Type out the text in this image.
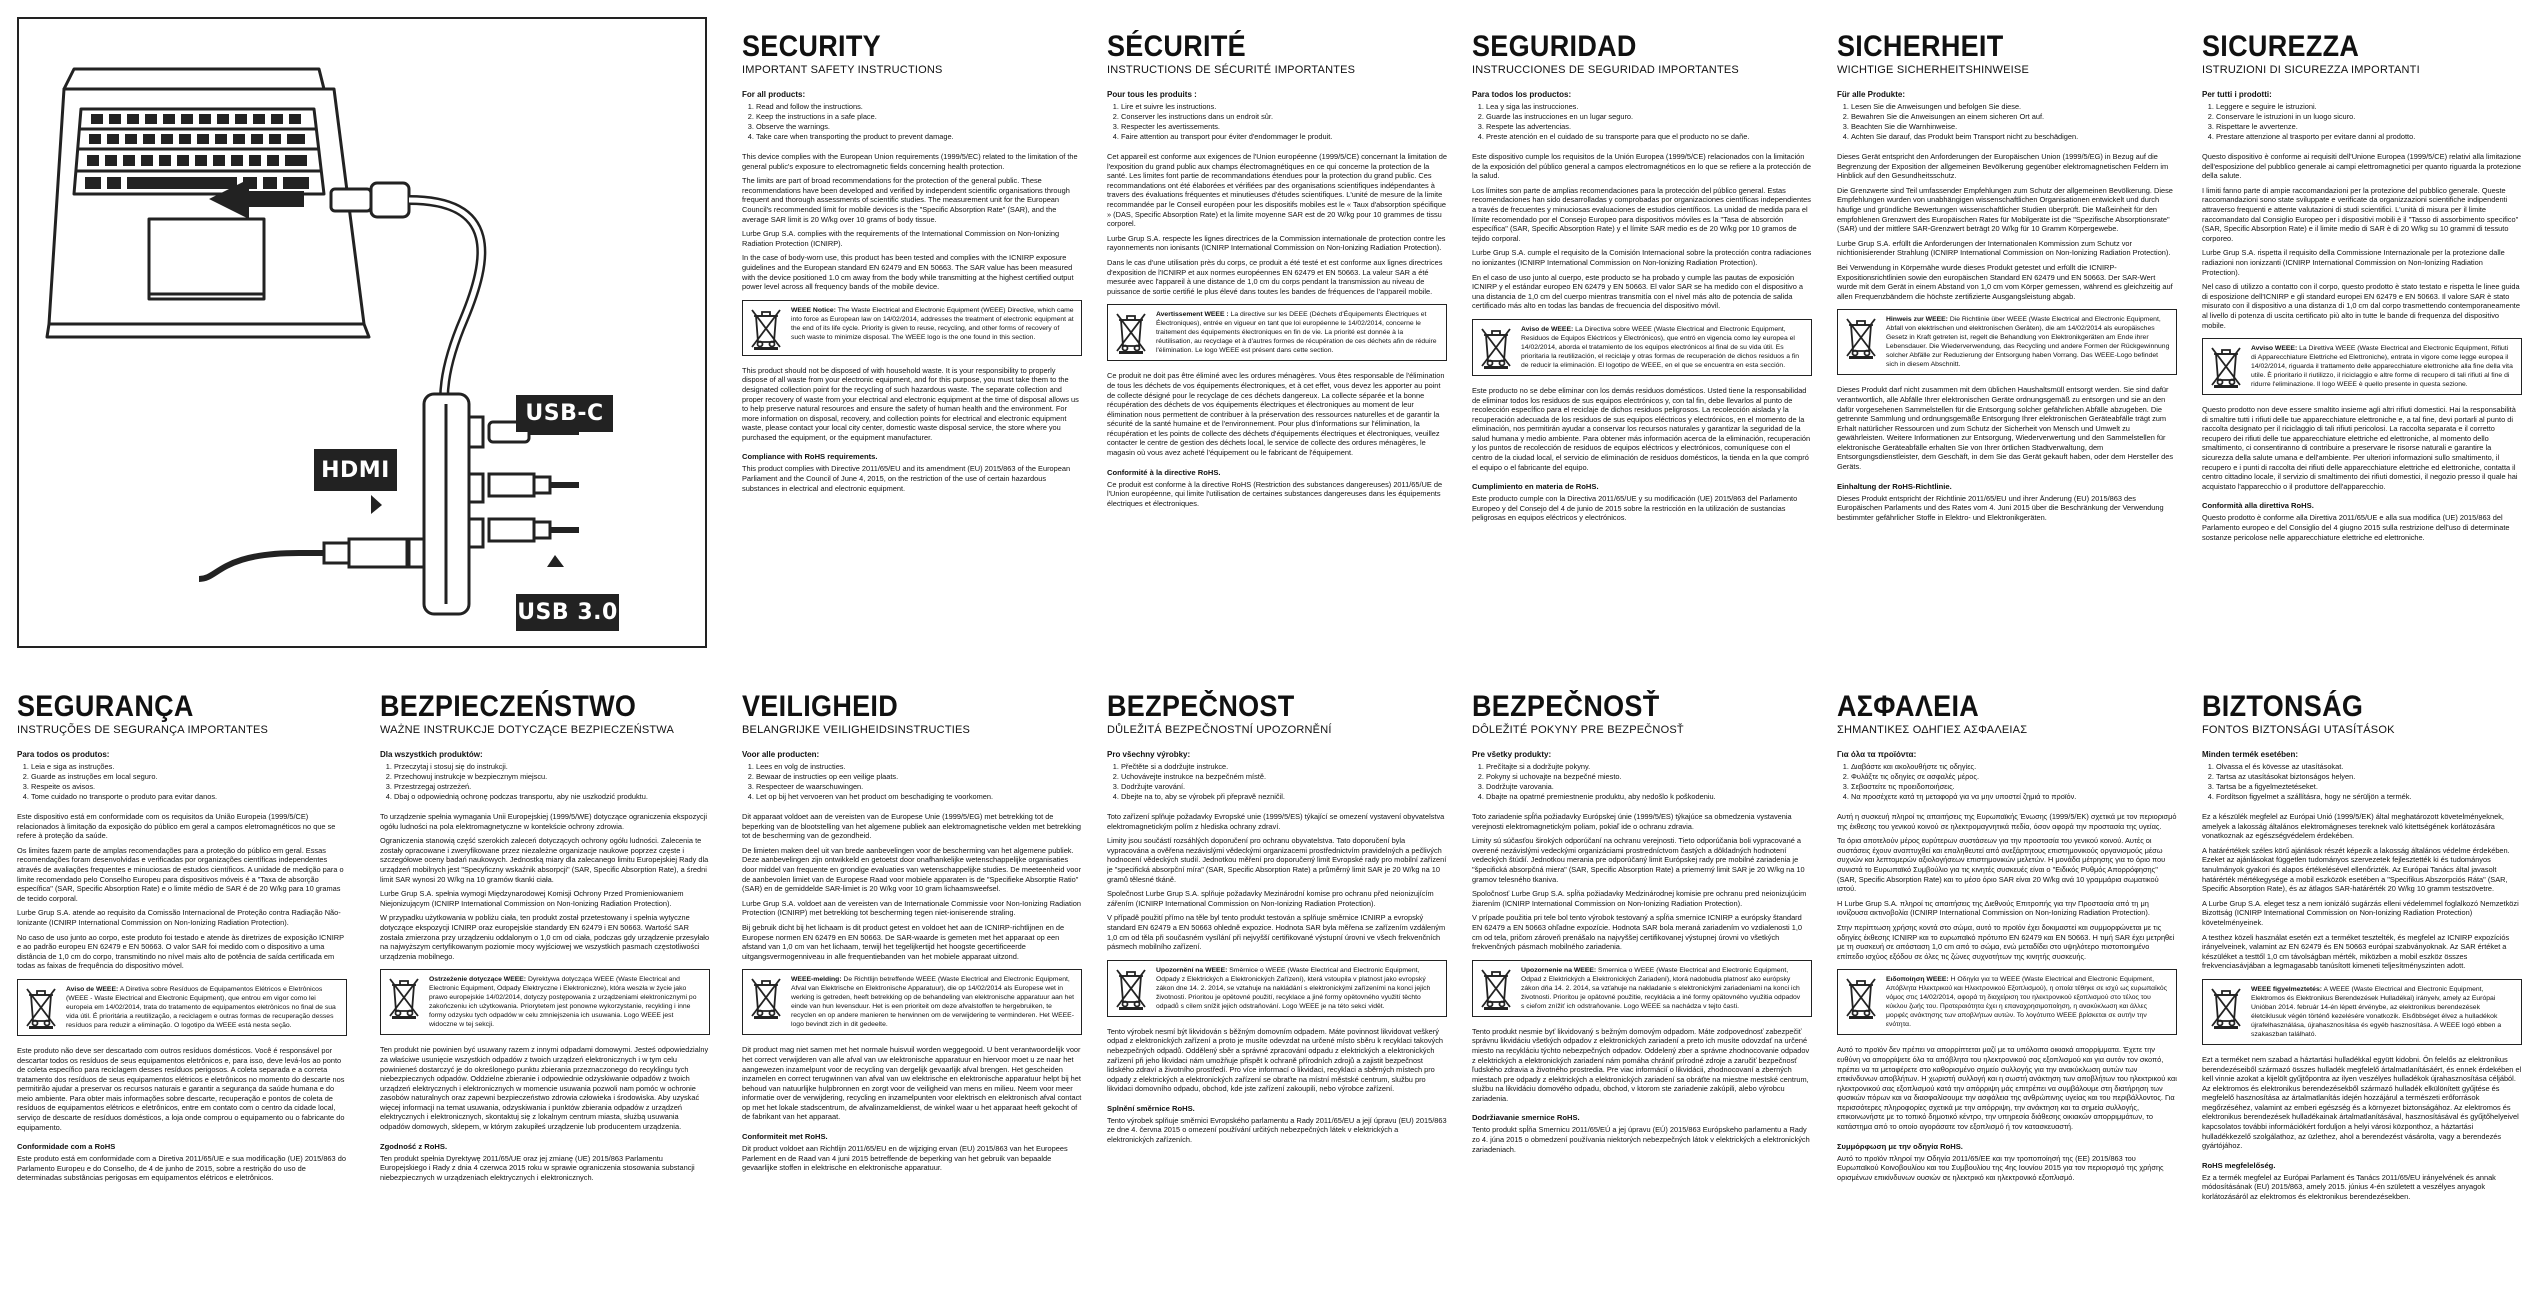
USB-C
HDMI
USB 3.0
SECURITY
IMPORTANT SAFETY INSTRUCTIONS
For all products:
1. Read and follow the instructions.
2. Keep the instructions in a safe place.
3. Observe the warnings.
4. Take care when transporting the product to prevent damage.

This device complies with the European Union requirements (1999/5/EC) related to the limitation of the general public's exposure to electromagnetic fields concerning health protection.

The limits are part of broad recommendations for the protection of the general public. These recommendations have been developed and verified by independent scientific organisations through frequent and thorough assessments of scientific studies. The measurement unit for the European Council's recommended limit for mobile devices is the "Specific Absorption Rate" (SAR), and the average SAR limit is 20 W/kg over 10 grams of body tissue.

Lurbe Grup S.A. complies with the requirements of the International Commission on Non-Ionizing Radiation Protection (ICNIRP).

In the case of body-worn use, this product has been tested and complies with the ICNIRP exposure guidelines and the European standard EN 62479 and EN 50663. The SAR value has been measured with the device positioned 1.0 cm away from the body while transmitting at the highest certified output power level across all frequency bands of the mobile device.

WEEE Notice: The Waste Electrical and Electronic Equipment (WEEE) Directive, which came into force as European law on 14/02/2014, addresses the treatment of electronic equipment at the end of its life cycle. Priority is given to reuse, recycling, and other forms of recovery of such waste to minimize disposal. The WEEE logo is the one found in this section.

This product should not be disposed of with household waste. It is your responsibility to properly dispose of all waste from your electronic equipment, and for this purpose, you must take them to the designated collection point for the recycling of such hazardous waste. The separate collection and proper recovery of waste from your electrical and electronic equipment at the time of disposal allows us to help preserve natural resources and ensure the safety of human health and the environment. For more information on disposal, recovery, and collection points for electrical and electronic equipment waste, please contact your local city center, domestic waste disposal service, the store where you purchased the equipment, or the equipment manufacturer.

Compliance with RoHS requirements.

This product complies with Directive 2011/65/EU and its amendment (EU) 2015/863 of the European Parliament and the Council of June 4, 2015, on the restriction of the use of certain hazardous substances in electrical and electronic equipment.

SÉCURITÉ
INSTRUCTIONS DE SÉCURITÉ IMPORTANTES
Pour tous les produits :
1. Lire et suivre les instructions.
2. Conserver les instructions dans un endroit sûr.
3. Respecter les avertissements.
4. Faire attention au transport pour éviter d'endommager le produit.

Cet appareil est conforme aux exigences de l'Union européenne (1999/5/CE) concernant la limitation de l'exposition du grand public aux champs électromagnétiques en ce qui concerne la protection de la santé. Les limites font partie de recommandations étendues pour la protection du grand public. Ces recommandations ont été élaborées et vérifiées par des organisations scientifiques indépendantes à travers des évaluations fréquentes et minutieuses d'études scientifiques. L'unité de mesure de la limite recommandée par le Conseil européen pour les dispositifs mobiles est le « Taux d'absorption spécifique » (DAS, Specific Absorption Rate) et la limite moyenne SAR est de 20 W/kg pour 10 grammes de tissu corporel.

Lurbe Grup S.A. respecte les lignes directrices de la Commission internationale de protection contre les rayonnements non ionisants (ICNIRP International Commission on Non-Ionizing Radiation Protection).

Dans le cas d'une utilisation près du corps, ce produit a été testé et est conforme aux lignes directrices d'exposition de l'ICNIRP et aux normes européennes EN 62479 et EN 50663. La valeur SAR a été mesurée avec l'appareil à une distance de 1,0 cm du corps pendant la transmission au niveau de puissance de sortie certifié le plus élevé dans toutes les bandes de fréquences de l'appareil mobile.

Avertissement WEEE : La directive sur les DEEE (Déchets d'Équipements Électriques et Électroniques), entrée en vigueur en tant que loi européenne le 14/02/2014, concerne le traitement des équipements électroniques en fin de vie. La priorité est donnée à la réutilisation, au recyclage et à d'autres formes de récupération de ces déchets afin de réduire l'élimination. Le logo WEEE est présent dans cette section.

Ce produit ne doit pas être éliminé avec les ordures ménagères. Vous êtes responsable de l'élimination de tous les déchets de vos équipements électroniques, et à cet effet, vous devez les apporter au point de collecte désigné pour le recyclage de ces déchets dangereux. La collecte séparée et la bonne récupération des déchets de vos équipements électriques et électroniques au moment de leur élimination nous permettent de contribuer à la préservation des ressources naturelles et de garantir la sécurité de la santé humaine et de l'environnement. Pour plus d'informations sur l'élimination, la récupération et les points de collecte des déchets d'équipements électriques et électroniques, veuillez contacter le centre de gestion des déchets local, le service de collecte des ordures ménagères, le magasin où vous avez acheté l'équipement ou le fabricant de l'équipement.

Conformité à la directive RoHS.

Ce produit est conforme à la directive RoHS (Restriction des substances dangereuses) 2011/65/UE de l'Union européenne, qui limite l'utilisation de certaines substances dangereuses dans les équipements électriques et électroniques.

SEGURIDAD
INSTRUCCIONES DE SEGURIDAD IMPORTANTES
Para todos los productos:
1. Lea y siga las instrucciones.
2. Guarde las instrucciones en un lugar seguro.
3. Respete las advertencias.
4. Preste atención en el cuidado de su transporte para que el producto no se dañe.

Este dispositivo cumple los requisitos de la Unión Europea (1999/5/CE) relacionados con la limitación de la exposición del público general a campos electromagnéticos en lo que se refiere a la protección de la salud.

Los límites son parte de amplias recomendaciones para la protección del público general. Estas recomendaciones han sido desarrolladas y comprobadas por organizaciones científicas independientes a través de frecuentes y minuciosas evaluaciones de estudios científicos. La unidad de medida para el límite recomendado por el Consejo Europeo para dispositivos móviles es la "Tasa de absorción específica" (SAR, Specific Absorption Rate) y el límite SAR medio es de 20 W/kg por 10 gramos de tejido corporal.

Lurbe Grup S.A. cumple el requisito de la Comisión Internacional sobre la protección contra radiaciones no ionizantes (ICNIRP International Commission on Non-Ionizing Radiation Protection).

En el caso de uso junto al cuerpo, este producto se ha probado y cumple las pautas de exposición ICNIRP y el estándar europeo EN 62479 y EN 50663. El valor SAR se ha medido con el dispositivo a una distancia de 1,0 cm del cuerpo mientras transmitía con el nivel más alto de potencia de salida certificado más alto en todas las bandas de frecuencia del dispositivo móvil.

Aviso de WEEE: La Directiva sobre WEEE (Waste Electrical and Electronic Equipment, Residuos de Equipos Eléctricos y Electrónicos), que entró en vigencia como ley europea el 14/02/2014, aborda el tratamiento de los equipos electrónicos al final de su vida útil. Es prioritaria la reutilización, el reciclaje y otras formas de recuperación de dichos residuos a fin de reducir la eliminación. El logotipo de WEEE, en el que se encuentra en esta sección.

Este producto no se debe eliminar con los demás residuos domésticos. Usted tiene la responsabilidad de eliminar todos los residuos de sus equipos electrónicos y, con tal fin, debe llevarlos al punto de recolección específico para el reciclaje de dichos residuos peligrosos. La recolección aislada y la recuperación adecuada de los residuos de sus equipos eléctricos y electrónicos, en el momento de la eliminación, nos permitirán ayudar a conservar los recursos naturales y garantizar la seguridad de la salud humana y medio ambiente. Para obtener más información acerca de la eliminación, recuperación y los puntos de recolección de residuos de equipos eléctricos y electrónicos, comuníquese con el centro de la ciudad local, el servicio de eliminación de residuos domésticos, la tienda en la que compró el equipo o el fabricante del equipo.

Cumplimiento en materia de RoHS.

Este producto cumple con la Directiva 2011/65/UE y su modificación (UE) 2015/863 del Parlamento Europeo y del Consejo del 4 de junio de 2015 sobre la restricción en la utilización de sustancias peligrosas en equipos eléctricos y electrónicos.

SICHERHEIT
WICHTIGE SICHERHEITSHINWEISE
Für alle Produkte:
1. Lesen Sie die Anweisungen und befolgen Sie diese.
2. Bewahren Sie die Anweisungen an einem sicheren Ort auf.
3. Beachten Sie die Warnhinweise.
4. Achten Sie darauf, das Produkt beim Transport nicht zu beschädigen.

Dieses Gerät entspricht den Anforderungen der Europäischen Union (1999/5/EG) in Bezug auf die Begrenzung der Exposition der allgemeinen Bevölkerung gegenüber elektromagnetischen Feldern im Hinblick auf den Gesundheitsschutz.

Die Grenzwerte sind Teil umfassender Empfehlungen zum Schutz der allgemeinen Bevölkerung. Diese Empfehlungen wurden von unabhängigen wissenschaftlichen Organisationen entwickelt und durch häufige und gründliche Bewertungen wissenschaftlicher Studien überprüft. Die Maßeinheit für den empfohlenen Grenzwert des Europäischen Rates für Mobilgeräte ist die "Spezifische Absorptionsrate" (SAR) und der mittlere SAR-Grenzwert beträgt 20 W/kg für 10 Gramm Körpergewebe.

Lurbe Grup S.A. erfüllt die Anforderungen der Internationalen Kommission zum Schutz vor nichtionisierender Strahlung (ICNIRP International Commission on Non-Ionizing Radiation Protection).

Bei Verwendung in Körpernähe wurde dieses Produkt getestet und erfüllt die ICNIRP-Expositionsrichtlinien sowie den europäischen Standard EN 62479 und EN 50663. Der SAR-Wert wurde mit dem Gerät in einem Abstand von 1,0 cm vom Körper gemessen, während es gleichzeitig auf allen Frequenzbändern die höchste zertifizierte Ausgangsleistung abgab.

Hinweis zur WEEE: Die Richtlinie über WEEE (Waste Electrical and Electronic Equipment, Abfall von elektrischen und elektronischen Geräten), die am 14/02/2014 als europäisches Gesetz in Kraft getreten ist, regelt die Behandlung von Elektronikgeräten am Ende ihrer Lebensdauer. Die Wiederverwendung, das Recycling und andere Formen der Rückgewinnung solcher Abfälle zur Reduzierung der Entsorgung haben Vorrang. Das WEEE-Logo befindet sich in diesem Abschnitt.

Dieses Produkt darf nicht zusammen mit dem üblichen Haushaltsmüll entsorgt werden. Sie sind dafür verantwortlich, alle Abfälle Ihrer elektronischen Geräte ordnungsgemäß zu entsorgen und sie an den dafür vorgesehenen Sammelstellen für die Entsorgung solcher gefährlichen Abfälle abzugeben. Die getrennte Sammlung und ordnungsgemäße Entsorgung Ihrer elektronischen Geräteabfälle trägt zum Erhalt natürlicher Ressourcen und zum Schutz der Sicherheit von Mensch und Umwelt zu gewährleisten. Weitere Informationen zur Entsorgung, Wiederverwertung und den Sammelstellen für elektronische Geräteabfälle erhalten Sie von Ihrer örtlichen Stadtverwaltung, dem Entsorgungsdienstleister, dem Geschäft, in dem Sie das Gerät gekauft haben, oder dem Hersteller des Geräts.

Einhaltung der RoHS-Richtlinie.

Dieses Produkt entspricht der Richtlinie 2011/65/EU und ihrer Änderung (EU) 2015/863 des Europäischen Parlaments und des Rates vom 4. Juni 2015 über die Beschränkung der Verwendung bestimmter gefährlicher Stoffe in Elektro- und Elektronikgeräten.

SICUREZZA
ISTRUZIONI DI SICUREZZA IMPORTANTI
Per tutti i prodotti:
1. Leggere e seguire le istruzioni.
2. Conservare le istruzioni in un luogo sicuro.
3. Rispettare le avvertenze.
4. Prestare attenzione al trasporto per evitare danni al prodotto.

Questo dispositivo è conforme ai requisiti dell'Unione Europea (1999/5/CE) relativi alla limitazione dell'esposizione del pubblico generale ai campi elettromagnetici per quanto riguarda la protezione della salute.

I limiti fanno parte di ampie raccomandazioni per la protezione del pubblico generale. Queste raccomandazioni sono state sviluppate e verificate da organizzazioni scientifiche indipendenti attraverso frequenti e attente valutazioni di studi scientifici. L'unità di misura per il limite raccomandato dal Consiglio Europeo per i dispositivi mobili è il "Tasso di assorbimento specifico" (SAR, Specific Absorption Rate) e il limite medio di SAR è di 20 W/kg su 10 grammi di tessuto corporeo.

Lurbe Grup S.A. rispetta il requisito della Commissione Internazionale per la protezione dalle radiazioni non ionizzanti (ICNIRP International Commission on Non-Ionizing Radiation Protection).

Nel caso di utilizzo a contatto con il corpo, questo prodotto è stato testato e rispetta le linee guida di esposizione dell'ICNIRP e gli standard europei EN 62479 e EN 50663. Il valore SAR è stato misurato con il dispositivo a una distanza di 1,0 cm dal corpo trasmettendo contemporaneamente al livello di potenza di uscita certificato più alto in tutte le bande di frequenza del dispositivo mobile.

Avviso WEEE: La Direttiva WEEE (Waste Electrical and Electronic Equipment, Rifiuti di Apparecchiature Elettriche ed Elettroniche), entrata in vigore come legge europea il 14/02/2014, riguarda il trattamento delle apparecchiature elettroniche alla fine della vita utile. È prioritario il riutilizzo, il riciclaggio e altre forme di recupero di tali rifiuti al fine di ridurre l'eliminazione. Il logo WEEE è quello presente in questa sezione.

Questo prodotto non deve essere smaltito insieme agli altri rifiuti domestici. Hai la responsabilità di smaltire tutti i rifiuti delle tue apparecchiature elettroniche e, a tal fine, devi portarli al punto di raccolta designato per il riciclaggio di tali rifiuti pericolosi. La raccolta separata e il corretto recupero dei rifiuti delle tue apparecchiature elettriche ed elettroniche, al momento dello smaltimento, ci consentiranno di contribuire a preservare le risorse naturali e garantire la sicurezza della salute umana e dell'ambiente. Per ulteriori informazioni sullo smaltimento, il recupero e i punti di raccolta dei rifiuti delle apparecchiature elettriche ed elettroniche, contatta il centro cittadino locale, il servizio di smaltimento dei rifiuti domestici, il negozio presso il quale hai acquistato l'apparecchio o il produttore dell'apparecchio.

Conformità alla direttiva RoHS.

Questo prodotto è conforme alla Direttiva 2011/65/UE e alla sua modifica (UE) 2015/863 del Parlamento europeo e del Consiglio del 4 giugno 2015 sulla restrizione dell'uso di determinate sostanze pericolose nelle apparecchiature elettriche ed elettroniche.

SEGURANÇA
INSTRUÇÕES DE SEGURANÇA IMPORTANTES
Para todos os produtos:
1. Leia e siga as instruções.
2. Guarde as instruções em local seguro.
3. Respeite os avisos.
4. Tome cuidado no transporte o produto para evitar danos.

Este dispositivo está em conformidade com os requisitos da União Europeia (1999/5/CE) relacionados à limitação da exposição do público em geral a campos eletromagnéticos no que se refere à proteção da saúde.

Os limites fazem parte de amplas recomendações para a proteção do público em geral. Essas recomendações foram desenvolvidas e verificadas por organizações científicas independentes através de avaliações frequentes e minuciosas de estudos científicos. A unidade de medição para o limite recomendado pelo Conselho Europeu para dispositivos móveis é a "Taxa de absorção específica" (SAR, Specific Absorption Rate) e o limite médio de SAR é de 20 W/kg para 10 gramas de tecido corporal.

Lurbe Grup S.A. atende ao requisito da Comissão Internacional de Proteção contra Radiação Não-Ionizante (ICNIRP International Commission on Non-Ionizing Radiation Protection).

No caso de uso junto ao corpo, este produto foi testado e atende às diretrizes de exposição ICNIRP e ao padrão europeu EN 62479 e EN 50663. O valor SAR foi medido com o dispositivo a uma distância de 1,0 cm do corpo, transmitindo no nível mais alto de potência de saída certificada em todas as faixas de frequência do dispositivo móvel.

Aviso de WEEE: A Diretiva sobre Resíduos de Equipamentos Elétricos e Eletrônicos (WEEE - Waste Electrical and Electronic Equipment), que entrou em vigor como lei europeia em 14/02/2014, trata do tratamento de equipamentos eletrônicos no final de sua vida útil. É prioritária a reutilização, a reciclagem e outras formas de recuperação desses resíduos para reduzir a eliminação. O logotipo da WEEE está nesta seção.

Este produto não deve ser descartado com outros resíduos domésticos. Você é responsável por descartar todos os resíduos de seus equipamentos eletrônicos e, para isso, deve levá-los ao ponto de coleta específico para reciclagem desses resíduos perigosos. A coleta separada e a correta tratamento dos resíduos de seus equipamentos elétricos e eletrônicos no momento do descarte nos permitirão ajudar a preservar os recursos naturais e garantir a segurança da saúde humana e do meio ambiente. Para obter mais informações sobre descarte, recuperação e pontos de coleta de resíduos de equipamentos elétricos e eletrônicos, entre em contato com o centro da cidade local, serviço de descarte de resíduos domésticos, a loja onde comprou o equipamento ou o fabricante do equipamento.

Conformidade com a RoHS

Este produto está em conformidade com a Diretiva 2011/65/UE e sua modificação (UE) 2015/863 do Parlamento Europeu e do Conselho, de 4 de junho de 2015, sobre a restrição do uso de determinadas substâncias perigosas em equipamentos elétricos e eletrônicos.

BEZPIECZEŃSTWO
WAŻNE INSTRUKCJE DOTYCZĄCE BEZPIECZEŃSTWA
Dla wszystkich produktów:
1. Przeczytaj i stosuj się do instrukcji.
2. Przechowuj instrukcje w bezpiecznym miejscu.
3. Przestrzegaj ostrzeżeń.
4. Dbaj o odpowiednią ochronę podczas transportu, aby nie uszkodzić produktu.

To urządzenie spełnia wymagania Unii Europejskiej (1999/5/WE) dotyczące ograniczenia ekspozycji ogółu ludności na pola elektromagnetyczne w kontekście ochrony zdrowia.

Ograniczenia stanowią część szerokich zaleceń dotyczących ochrony ogółu ludności. Zalecenia te zostały opracowane i zweryfikowane przez niezależne organizacje naukowe poprzez częste i szczegółowe oceny badań naukowych. Jednostką miary dla zalecanego limitu Europejskiej Rady dla urządzeń mobilnych jest "Specyficzny wskaźnik absorpcji" (SAR, Specific Absorption Rate), a średni limit SAR wynosi 20 W/kg na 10 gramów tkanki ciała.

Lurbe Grup S.A. spełnia wymogi Międzynarodowej Komisji Ochrony Przed Promieniowaniem Niejonizującym (ICNIRP International Commission on Non-Ionizing Radiation Protection).

W przypadku użytkowania w pobliżu ciała, ten produkt został przetestowany i spełnia wytyczne dotyczące ekspozycji ICNIRP oraz europejskie standardy EN 62479 i EN 50663. Wartość SAR została zmierzona przy urządzeniu oddalonym o 1,0 cm od ciała, podczas gdy urządzenie przesyłało na najwyższym certyfikowanym poziomie mocy wyjściowej we wszystkich pasmach częstotliwości urządzenia mobilnego.

Ostrzeżenie dotyczące WEEE: Dyrektywa dotycząca WEEE (Waste Electrical and Electronic Equipment, Odpady Elektryczne i Elektroniczne), która weszła w życie jako prawo europejskie 14/02/2014, dotyczy postępowania z urządzeniami elektronicznymi po zakończeniu ich użytkowania. Priorytetem jest ponowne wykorzystanie, recykling i inne formy odzysku tych odpadów w celu zmniejszenia ich usuwania. Logo WEEE jest widoczne w tej sekcji.

Ten produkt nie powinien być usuwany razem z innymi odpadami domowymi. Jesteś odpowiedzialny za właściwe usunięcie wszystkich odpadów z twoich urządzeń elektronicznych i w tym celu powinieneś dostarczyć je do określonego punktu zbierania przeznaczonego do recyklingu tych niebezpiecznych odpadów. Oddzielne zbieranie i odpowiednie odzyskiwanie odpadów z twoich urządzeń elektrycznych i elektronicznych w momencie usuwania pozwoli nam pomóc w ochronie zasobów naturalnych oraz zapewni bezpieczeństwo zdrowia człowieka i środowiska. Aby uzyskać więcej informacji na temat usuwania, odzyskiwania i punktów zbierania odpadów z urządzeń elektrycznych i elektronicznych, skontaktuj się z lokalnym centrum miasta, służbą usuwania odpadów domowych, sklepem, w którym zakupiłeś urządzenie lub producentem urządzenia.

Zgodność z RoHS.

Ten produkt spełnia Dyrektywę 2011/65/UE oraz jej zmianę (UE) 2015/863 Parlamentu Europejskiego i Rady z dnia 4 czerwca 2015 roku w sprawie ograniczenia stosowania substancji niebezpiecznych w urządzeniach elektrycznych i elektronicznych.

VEILIGHEID
BELANGRIJKE VEILIGHEIDSINSTRUCTIES
Voor alle producten:
1. Lees en volg de instructies.
2. Bewaar de instructies op een veilige plaats.
3. Respecteer de waarschuwingen.
4. Let op bij het vervoeren van het product om beschadiging te voorkomen.

Dit apparaat voldoet aan de vereisten van de Europese Unie (1999/5/EG) met betrekking tot de beperking van de blootstelling van het algemene publiek aan elektromagnetische velden met betrekking tot de bescherming van de gezondheid.

De limieten maken deel uit van brede aanbevelingen voor de bescherming van het algemene publiek. Deze aanbevelingen zijn ontwikkeld en getoetst door onafhankelijke wetenschappelijke organisaties door middel van frequente en grondige evaluaties van wetenschappelijke studies. De meeteenheid voor de aanbevolen limiet van de Europese Raad voor mobiele apparaten is de "Specifieke Absorptie Ratio" (SAR) en de gemiddelde SAR-limiet is 20 W/kg voor 10 gram lichaamsweefsel.

Lurbe Grup S.A. voldoet aan de vereisten van de Internationale Commissie voor Non-Ionizing Radiation Protection (ICNIRP) met betrekking tot bescherming tegen niet-ioniserende straling.

Bij gebruik dicht bij het lichaam is dit product getest en voldoet het aan de ICNIRP-richtlijnen en de Europese normen EN 62479 en EN 50663. De SAR-waarde is gemeten met het apparaat op een afstand van 1,0 cm van het lichaam, terwijl het tegelijkertijd het hoogste gecertificeerde uitgangsvermogenniveau in alle frequentiebanden van het mobiele apparaat uitzond.

WEEE-melding: De Richtlijn betreffende WEEE (Waste Electrical and Electronic Equipment, Afval van Elektrische en Elektronische Apparatuur), die op 14/02/2014 als Europese wet in werking is getreden, heeft betrekking op de behandeling van elektronische apparatuur aan het einde van hun levensduur. Het is een prioriteit om deze afvalstoffen te hergebruiken, te recyclen en op andere manieren te herwinnen om de verwijdering te verminderen. Het WEEE-logo bevindt zich in dit gedeelte.

Dit product mag niet samen met het normale huisvuil worden weggegooid. U bent verantwoordelijk voor het correct verwijderen van alle afval van uw elektronische apparatuur en hiervoor moet u ze naar het aangewezen inzamelpunt voor de recycling van dergelijk gevaarlijk afval brengen. Het gescheiden inzamelen en correct terugwinnen van afval van uw elektrische en elektronische apparatuur helpt bij het behoud van natuurlijke hulpbronnen en zorgt voor de veiligheid van mens en milieu. Neem voor meer informatie over de verwijdering, recycling en inzamelpunten voor elektrisch en elektronisch afval contact op met het lokale stadscentrum, de afvalinzameldienst, de winkel waar u het apparaat heeft gekocht of de fabrikant van het apparaat.

Conformiteit met RoHS.

Dit product voldoet aan Richtlijn 2011/65/EU en de wijziging ervan (EU) 2015/863 van het Europees Parlement en de Raad van 4 juni 2015 betreffende de beperking van het gebruik van bepaalde gevaarlijke stoffen in elektrische en elektronische apparatuur.

BEZPEČNOST
DŮLEŽITÁ BEZPEČNOSTNÍ UPOZORNĚNÍ
Pro všechny výrobky:
1. Přečtěte si a dodržujte instrukce.
2. Uchovávejte instrukce na bezpečném místě.
3. Dodržujte varování.
4. Dbejte na to, aby se výrobek při přepravě nezničil.

Toto zařízení splňuje požadavky Evropské unie (1999/5/ES) týkající se omezení vystavení obyvatelstva elektromagnetickým polím z hlediska ochrany zdraví.

Limity jsou součástí rozsáhlých doporučení pro ochranu obyvatelstva. Tato doporučení byla vypracována a ověřena nezávislými vědeckými organizacemi prostřednictvím pravidelných a pečlivých hodnocení vědeckých studií. Jednotkou měření pro doporučený limit Evropské rady pro mobilní zařízení je "specifická absorpční míra" (SAR, Specific Absorption Rate) a průměrný limit SAR je 20 W/kg na 10 gramů tělesné tkáně.

Společnost Lurbe Grup S.A. splňuje požadavky Mezinárodní komise pro ochranu před neionizujícím zářením (ICNIRP International Commission on Non-Ionizing Radiation Protection).

V případě použití přímo na těle byl tento produkt testován a splňuje směrnice ICNIRP a evropský standard EN 62479 a EN 50663 ohledně expozice. Hodnota SAR byla měřena se zařízením vzdáleným 1,0 cm od těla při současném vysílání při nejvyšší certifikované výstupní úrovni ve všech frekvenčních pásmech mobilního zařízení.

Upozornění na WEEE: Směrnice o WEEE (Waste Electrical and Electronic Equipment, Odpady z Elektrických a Elektronických Zařízení), která vstoupila v platnost jako evropský zákon dne 14. 2. 2014, se vztahuje na nakládání s elektronickými zařízeními na konci jejich životnosti. Prioritou je opětovné použití, recyklace a jiné formy opětovného využití těchto odpadů s cílem snížit jejich odstraňování. Logo WEEE je na této sekci vidět.

Tento výrobek nesmí být likvidován s běžným domovním odpadem. Máte povinnost likvidovat veškerý odpad z elektronických zařízení a proto je musíte odevzdat na určené místo sběru k recyklaci takových nebezpečných odpadů. Oddělený sběr a správné zpracování odpadu z elektrických a elektronických zařízení při jeho likvidaci nám umožňuje přispět k ochraně přírodních zdrojů a zajistit bezpečnost lidského zdraví a životního prostředí. Pro více informací o likvidaci, recyklaci a sběrných místech pro odpady z elektrických a elektronických zařízení se obraťte na místní městské centrum, službu pro likvidaci domovního odpadu, obchod, kde jste zařízení zakoupili, nebo výrobce zařízení.

Splnění směrnice RoHS.

Tento výrobek splňuje směrnici Evropského parlamentu a Rady 2011/65/EU a její úpravu (EU) 2015/863 ze dne 4. června 2015 o omezení používání určitých nebezpečných látek v elektrických a elektronických zařízeních.

BEZPEČNOSŤ
DÔLEŽITÉ POKYNY PRE BEZPEČNOSŤ
Pre všetky produkty:
1. Prečítajte si a dodržujte pokyny.
2. Pokyny si uchovajte na bezpečné miesto.
3. Dodržujte varovania.
4. Dbajte na opatrné premiestnenie produktu, aby nedošlo k poškodeniu.

Toto zariadenie spĺňa požiadavky Európskej únie (1999/5/ES) týkajúce sa obmedzenia vystavenia verejnosti elektromagnetickým poliam, pokiaľ ide o ochranu zdravia.

Limity sú súčasťou širokých odporúčaní na ochranu verejnosti. Tieto odporúčania boli vypracované a overené nezávislými vedeckými organizáciami prostredníctvom častých a dôkladných hodnotení vedeckých štúdií. Jednotkou merania pre odporúčaný limit Európskej rady pre mobilné zariadenia je "špecifická absorpčná miera" (SAR, Specific Absorption Rate) a priemerný limit SAR je 20 W/kg na 10 gramov telesného tkaniva.

Spoločnosť Lurbe Grup S.A. spĺňa požiadavky Medzinárodnej komisie pre ochranu pred neionizujúcim žiarením (ICNIRP International Commission on Non-Ionizing Radiation Protection).

V prípade použitia pri tele bol tento výrobok testovaný a spĺňa smernice ICNIRP a európsky štandard EN 62479 a EN 50663 ohľadne expozície. Hodnota SAR bola meraná zariadením vo vzdialenosti 1,0 cm od tela, pričom zároveň prenášalo na najvyššej certifikovanej výstupnej úrovni vo všetkých frekvenčných pásmach mobilného zariadenia.

Upozornenie na WEEE: Smernica o WEEE (Waste Electrical and Electronic Equipment, Odpad z Elektrických a Elektronických Zariadení), ktorá nadobudla platnosť ako európsky zákon dňa 14. 2. 2014, sa vzťahuje na nakladanie s elektronickými zariadeniami na konci ich životnosti. Prioritou je opätovné použitie, recyklácia a iné formy opätovného využitia odpadov s cieľom znížiť ich odstraňovanie. Logo WEEE sa nachádza v tejto časti.

Tento produkt nesmie byť likvidovaný s bežným domovým odpadom. Máte zodpovednosť zabezpečiť správnu likvidáciu všetkých odpadov z elektronických zariadení a preto ich musíte odovzdať na určené miesto na recykláciu týchto nebezpečných odpadov. Oddelený zber a správne zhodnocovanie odpadov z elektrických a elektronických zariadení nám pomáha chrániť prírodné zdroje a zaručiť bezpečnosť ľudského zdravia a životného prostredia. Pre viac informácií o likvidácii, zhodnocovaní a zberných miestach pre odpady z elektrických a elektronických zariadení sa obráťte na miestne mestské centrum, službu na likvidáciu domového odpadu, obchod, v ktorom ste zariadenie zakúpili, alebo výrobcu zariadenia.

Dodržiavanie smernice RoHS.

Tento produkt spĺňa Smernicu 2011/65/EÚ a jej úpravu (EÚ) 2015/863 Európskeho parlamentu a Rady zo 4. júna 2015 o obmedzení používania niektorých nebezpečných látok v elektrických a elektronických zariadeniach.

ΑΣΦΑΛΕΙΑ
ΣΗΜΑΝΤΙΚΕΣ ΟΔΗΓΙΕΣ ΑΣΦΑΛΕΙΑΣ
Για όλα τα προϊόντα:
1. Διαβάστε και ακολουθήστε τις οδηγίες.
2. Φυλάξτε τις οδηγίες σε ασφαλές μέρος.
3. Σεβαστείτε τις προειδοποιήσεις.
4. Να προσέχετε κατά τη μεταφορά για να μην υποστεί ζημιά το προϊόν.

Αυτή η συσκευή πληροί τις απαιτήσεις της Ευρωπαϊκής Ένωσης (1999/5/ΕΚ) σχετικά με τον περιορισμό της έκθεσης του γενικού κοινού σε ηλεκτρομαγνητικά πεδία, όσον αφορά την προστασία της υγείας.

Τα όρια αποτελούν μέρος ευρύτερων συστάσεων για την προστασία του γενικού κοινού. Αυτές οι συστάσεις έχουν αναπτυχθεί και επαληθευτεί από ανεξάρτητους επιστημονικούς οργανισμούς μέσω συχνών και λεπτομερών αξιολογήσεων επιστημονικών μελετών. Η μονάδα μέτρησης για το όριο που συνιστά το Ευρωπαϊκό Συμβούλιο για τις κινητές συσκευές είναι ο "Ειδικός Ρυθμός Απορρόφησης" (SAR, Specific Absorption Rate) και το μέσο όριο SAR είναι 20 W/kg ανά 10 γραμμάρια σωματικού ιστού.

Η Lurbe Grup S.A. πληροί τις απαιτήσεις της Διεθνούς Επιτροπής για την Προστασία από τη μη ιονίζουσα ακτινοβολία (ICNIRP International Commission on Non-Ionizing Radiation Protection).

Στην περίπτωση χρήσης κοντά στο σώμα, αυτό το προϊόν έχει δοκιμαστεί και συμμορφώνεται με τις οδηγίες έκθεσης ICNIRP και το ευρωπαϊκό πρότυπο EN 62479 και EN 50663. Η τιμή SAR έχει μετρηθεί με τη συσκευή σε απόσταση 1,0 cm από το σώμα, ενώ μεταδίδει στο υψηλότερο πιστοποιημένο επίπεδο ισχύος εξόδου σε όλες τις ζώνες συχνοτήτων της κινητής συσκευής.

Ειδοποίηση WEEE: Η Οδηγία για τα WEEE (Waste Electrical and Electronic Equipment, Απόβλητα Ηλεκτρικού και Ηλεκτρονικού Εξοπλισμού), η οποία τέθηκε σε ισχύ ως ευρωπαϊκός νόμος στις 14/02/2014, αφορά τη διαχείριση του ηλεκτρονικού εξοπλισμού στο τέλος του κύκλου ζωής του. Προτεραιότητα έχει η επαναχρησιμοποίηση, η ανακύκλωση και άλλες μορφές ανάκτησης των αποβλήτων αυτών. Το λογότυπο WEEE βρίσκεται σε αυτήν την ενότητα.

Αυτό το προϊόν δεν πρέπει να απορρίπτεται μαζί με τα υπόλοιπα οικιακά απορρίμματα. Έχετε την ευθύνη να απορρίψετε όλα τα απόβλητα του ηλεκτρονικού σας εξοπλισμού και για αυτόν τον σκοπό, πρέπει να τα μεταφέρετε στο καθορισμένο σημείο συλλογής για την ανακύκλωση αυτών των επικίνδυνων αποβλήτων. Η χωριστή συλλογή και η σωστή ανάκτηση των αποβλήτων του ηλεκτρικού και ηλεκτρονικού σας εξοπλισμού κατά την απόρριψη μάς επιτρέπει να συμβάλουμε στη διατήρηση των φυσικών πόρων και να διασφαλίσουμε την ασφάλεια της ανθρώπινης υγείας και του περιβάλλοντος. Για περισσότερες πληροφορίες σχετικά με την απόρριψη, την ανάκτηση και τα σημεία συλλογής, επικοινωνήστε με το τοπικό δημοτικό κέντρο, την υπηρεσία διάθεσης οικιακών απορριμμάτων, το κατάστημα από το οποίο αγοράσατε τον εξοπλισμό ή τον κατασκευαστή.

Συμμόρφωση με την οδηγία RoHS.

Αυτό το προϊόν πληροί την Οδηγία 2011/65/ΕΕ και την τροποποίησή της (ΕΕ) 2015/863 του Ευρωπαϊκού Κοινοβουλίου και του Συμβουλίου της 4ης Ιουνίου 2015 για τον περιορισμό της χρήσης ορισμένων επικίνδυνων ουσιών σε ηλεκτρικό και ηλεκτρονικό εξοπλισμό.

BIZTONSÁG
FONTOS BIZTONSÁGI UTASÍTÁSOK
Minden termék esetében:
1. Olvassa el és kövesse az utasításokat.
2. Tartsa az utasításokat biztonságos helyen.
3. Tartsa be a figyelmeztetéseket.
4. Fordítson figyelmet a szállításra, hogy ne sérüljön a termék.

Ez a készülék megfelel az Európai Unió (1999/5/EK) által meghatározott követelményeknek, amelyek a lakosság általános elektromágneses tereknek való kitettségének korlátozására vonatkoznak az egészségvédelem érdekében.

A határértékek széles körű ajánlások részét képezik a lakosság általános védelme érdekében. Ezeket az ajánlásokat független tudományos szervezetek fejlesztették ki és tudományos tanulmányok gyakori és alapos értékelésével ellenőrizték. Az Európai Tanács által javasolt határérték mértékegysége a mobil eszközök esetében a "Specifikus Abszorpciós Ráta" (SAR, Specific Absorption Rate), és az átlagos SAR-határérték 20 W/kg 10 gramm testszövetre.

A Lurbe Grup S.A. eleget tesz a nem ionizáló sugárzás elleni védelemmel foglalkozó Nemzetközi Bizottság (ICNIRP International Commission on Non-Ionizing Radiation Protection) követelményeinek.

A testhez közeli használat esetén ezt a terméket tesztelték, és megfelel az ICNIRP expozíciós irányelveinek, valamint az EN 62479 és EN 50663 európai szabványoknak. Az SAR értéket a készüléket a testtől 1,0 cm távolságban mérték, miközben a mobil eszköz összes frekvenciasávjában a legmagasabb tanúsított kimeneti teljesítményszinten adott.

WEEE figyelmeztetés: A WEEE (Waste Electrical and Electronic Equipment, Elektromos és Elektronikus Berendezések Hulladékai) irányelv, amely az Európai Unióban 2014. február 14-én lépett érvénybe, az elektronikus berendezések életciklusuk végén történő kezelésére vonatkozik. Elsőbbséget élvez a hulladékok újrafelhasználása, újrahasznosítása és egyéb hasznosítása. A WEEE logó ebben a szakaszban található.

Ezt a terméket nem szabad a háztartási hulladékkal együtt kidobni. Ön felelős az elektronikus berendezéseiből származó összes hulladék megfelelő ártalmatlanításáért, és ennek érdekében el kell vinnie azokat a kijelölt gyűjtőpontra az ilyen veszélyes hulladékok újrahasznosítása céljából. Az elektromos és elektronikus berendezésekből származó hulladék elkülönített gyűjtése és megfelelő hasznosítása az ártalmatlanítás idején hozzájárul a természeti erőforrások megőrzéséhez, valamint az emberi egészség és a környezet biztonságához. Az elektromos és elektronikus berendezések hulladékainak ártalmatlanításával, hasznosításával és gyűjtőhelyeivel kapcsolatos további információkért forduljon a helyi városi központhoz, a háztartási hulladékkezelő szolgálathoz, az üzlethez, ahol a berendezést vásárolta, vagy a berendezés gyártójához.

RoHS megfelelőség.

Ez a termék megfelel az Európai Parlament és Tanács 2011/65/EU irányelvének és annak módosításának (EU) 2015/863, amely 2015. június 4-én született a veszélyes anyagok korlátozásáról az elektromos és elektronikus berendezésekben.
